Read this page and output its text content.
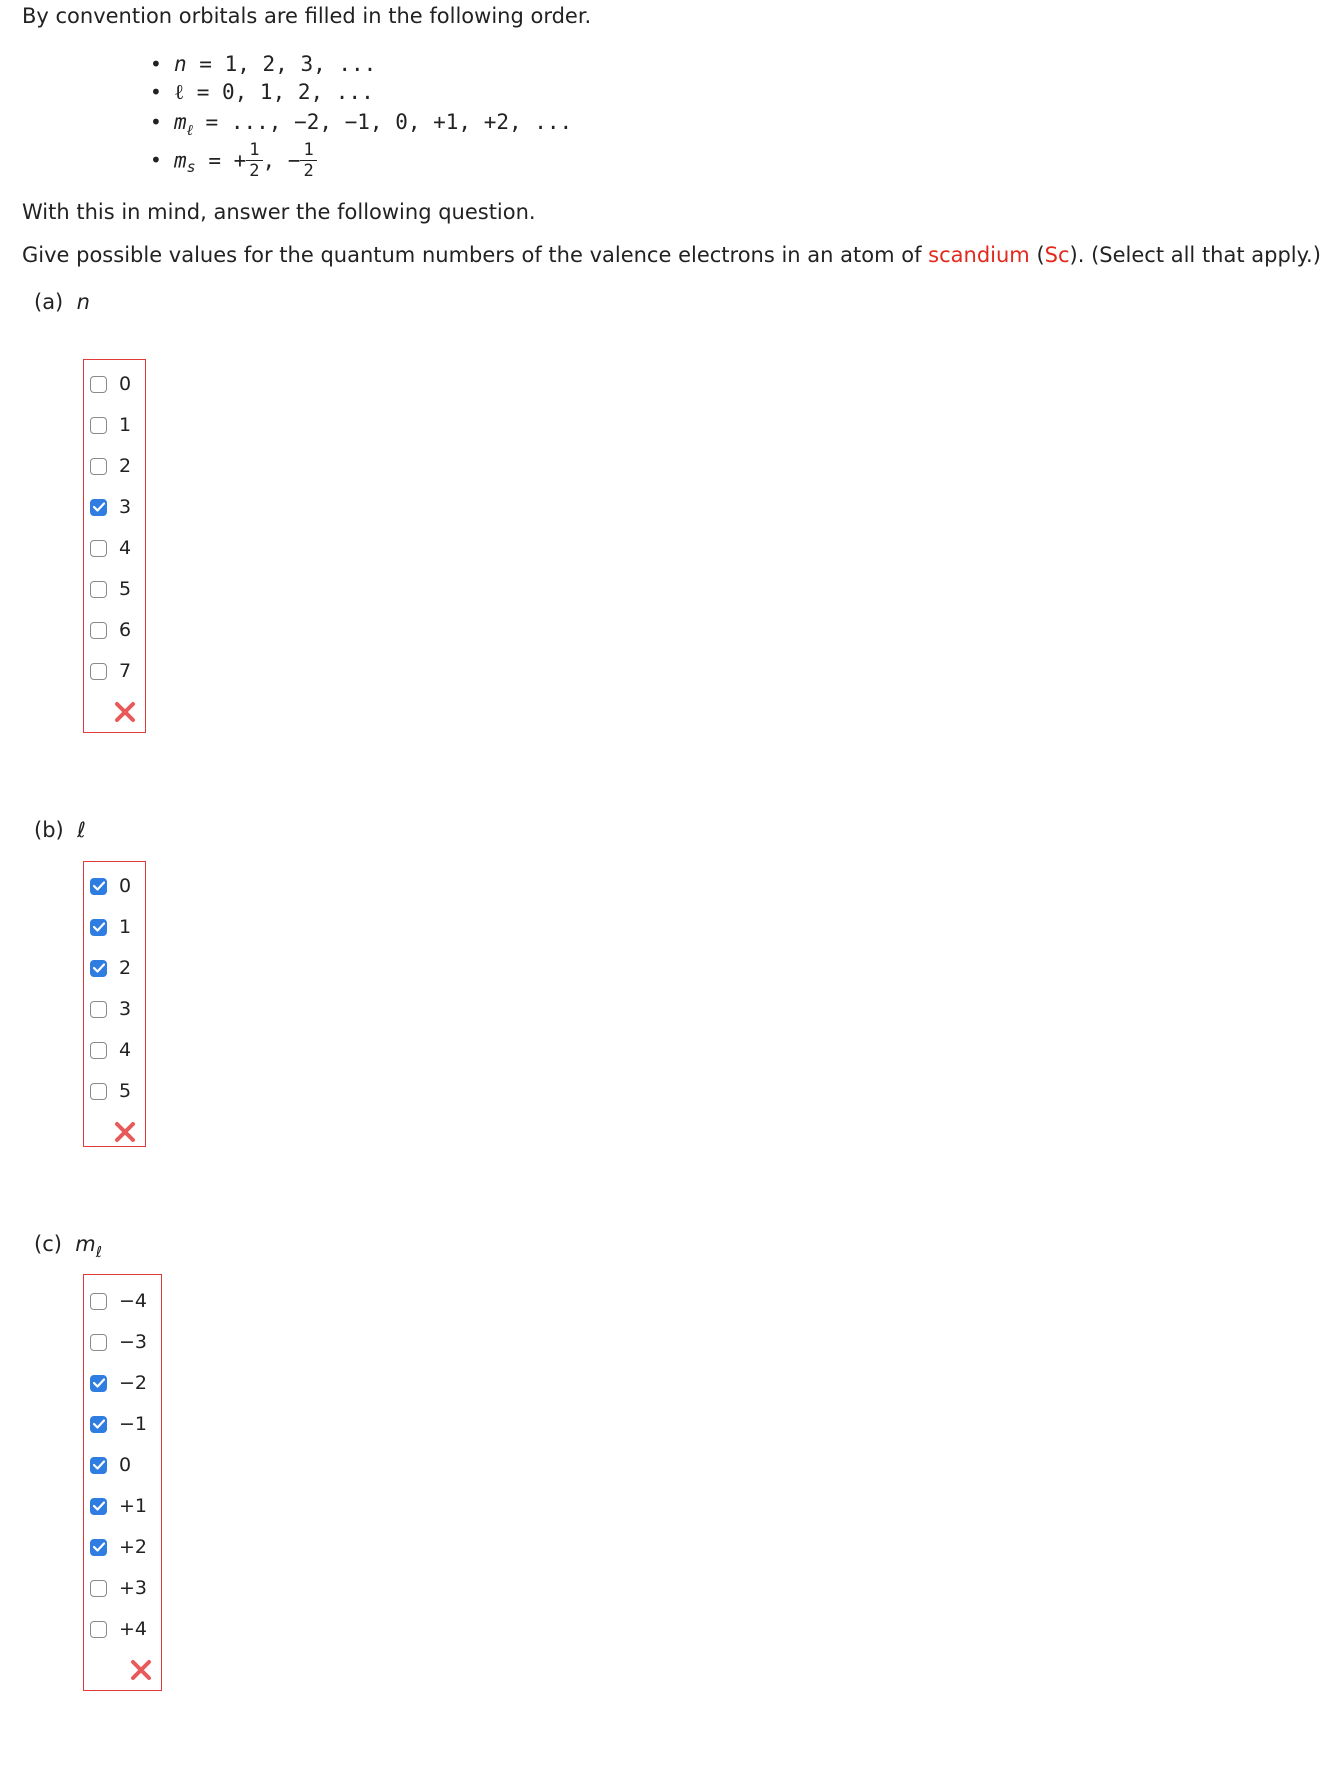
By convention orbitals are filled in the following order.
• n = 1, 2, 3, ...
• ℓ = 0, 1, 2, ...
• $m_\ell$ = ..., −2, −1, 0, +1, +2, ...
• $m_s$ = + $\frac{1}{2}$ , − $\frac{1}{2}$
With this in mind, answer the following question.
Give possible values for the quantum numbers of the valence electrons in an atom of scandium (Sc). (Select all that apply.)
(a) n
0
1
2
3
4
5
6
7
(b) ℓ
0
1
2
3
4
5
(c) $m_\ell$
−4
−3
−2
−1
0
+1
+2
+3
+4
